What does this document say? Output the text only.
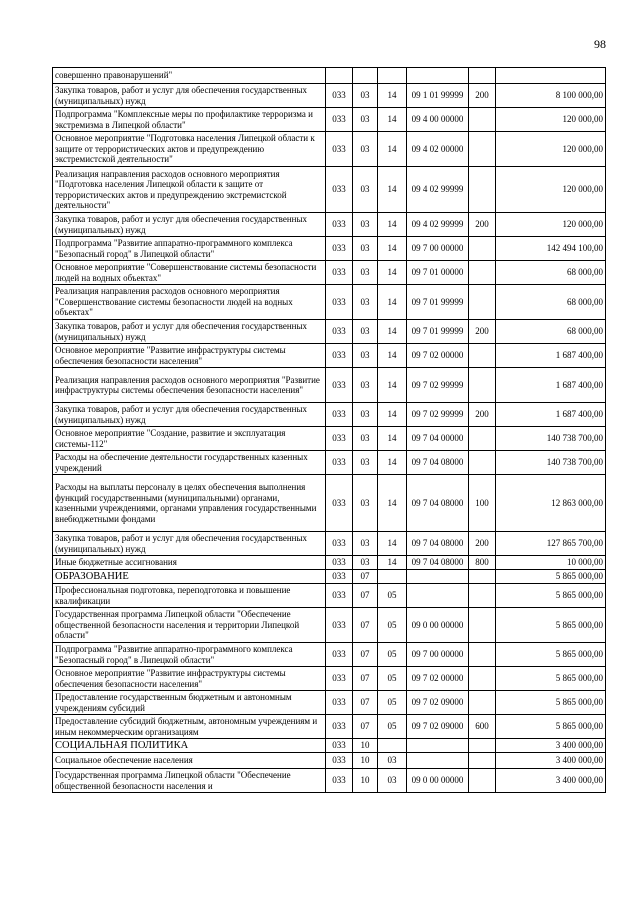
98
совершенно правонарушений"						
Закупка товаров, работ и услуг для обеспечения государственных (муниципальных) нужд	033	03	14	09 1 01 99999	200	8 100 000,00
Подпрограмма "Комплексные меры по профилактике терроризма и экстремизма в Липецкой области"	033	03	14	09 4 00 00000		120 000,00
Основное мероприятие "Подготовка населения Липецкой области к защите от террористических актов и предупреждению экстремистской деятельности"	033	03	14	09 4 02 00000		120 000,00
Реализация направления расходов основного мероприятия "Подготовка населения Липецкой области к защите от террористических актов и предупреждению экстремистской деятельности"	033	03	14	09 4 02 99999		120 000,00
Закупка товаров, работ и услуг для обеспечения государственных (муниципальных) нужд	033	03	14	09 4 02 99999	200	120 000,00
Подпрограмма "Развитие аппаратно-программного комплекса "Безопасный город" в Липецкой области"	033	03	14	09 7 00 00000		142 494 100,00
Основное мероприятие "Совершенствование системы безопасности людей на водных объектах"	033	03	14	09 7 01 00000		68 000,00
Реализация направления расходов основного мероприятия "Совершенствование системы безопасности людей на водных объектах"	033	03	14	09 7 01 99999		68 000,00
Закупка товаров, работ и услуг для обеспечения государственных (муниципальных) нужд	033	03	14	09 7 01 99999	200	68 000,00
Основное мероприятие "Развитие инфраструктуры системы обеспечения безопасности населения"	033	03	14	09 7 02 00000		1 687 400,00
Реализация направления расходов основного мероприятия "Развитие инфраструктуры системы обеспечения безопасности населения"	033	03	14	09 7 02 99999		1 687 400,00
Закупка товаров, работ и услуг для обеспечения государственных (муниципальных) нужд	033	03	14	09 7 02 99999	200	1 687 400,00
Основное мероприятие "Создание, развитие и эксплуатация системы-112"	033	03	14	09 7 04 00000		140 738 700,00
Расходы на обеспечение деятельности государственных казенных учреждений	033	03	14	09 7 04 08000		140 738 700,00
Расходы на выплаты персоналу в целях обеспечения выполнения функций государственными (муниципальными) органами, казенными учреждениями, органами управления государственными внебюджетными фондами	033	03	14	09 7 04 08000	100	12 863 000,00
Закупка товаров, работ и услуг для обеспечения государственных (муниципальных) нужд	033	03	14	09 7 04 08000	200	127 865 700,00
Иные бюджетные ассигнования	033	03	14	09 7 04 08000	800	10 000,00
ОБРАЗОВАНИЕ	033	07				5 865 000,00
Профессиональная подготовка, переподготовка и повышение квалификации	033	07	05			5 865 000,00
Государственная программа Липецкой области "Обеспечение общественной безопасности населения и территории Липецкой области"	033	07	05	09 0 00 00000		5 865 000,00
Подпрограмма "Развитие аппаратно-программного комплекса "Безопасный город" в Липецкой области"	033	07	05	09 7 00 00000		5 865 000,00
Основное мероприятие "Развитие инфраструктуры системы обеспечения безопасности населения"	033	07	05	09 7 02 00000		5 865 000,00
Предоставление государственным бюджетным и автономным учреждениям субсидий	033	07	05	09 7 02 09000		5 865 000,00
Предоставление субсидий бюджетным, автономным учреждениям и иным некоммерческим организациям	033	07	05	09 7 02 09000	600	5 865 000,00
СОЦИАЛЬНАЯ ПОЛИТИКА	033	10				3 400 000,00
Социальное обеспечение населения	033	10	03			3 400 000,00
Государственная программа Липецкой области "Обеспечение общественной безопасности населения и	033	10	03	09 0 00 00000		3 400 000,00
